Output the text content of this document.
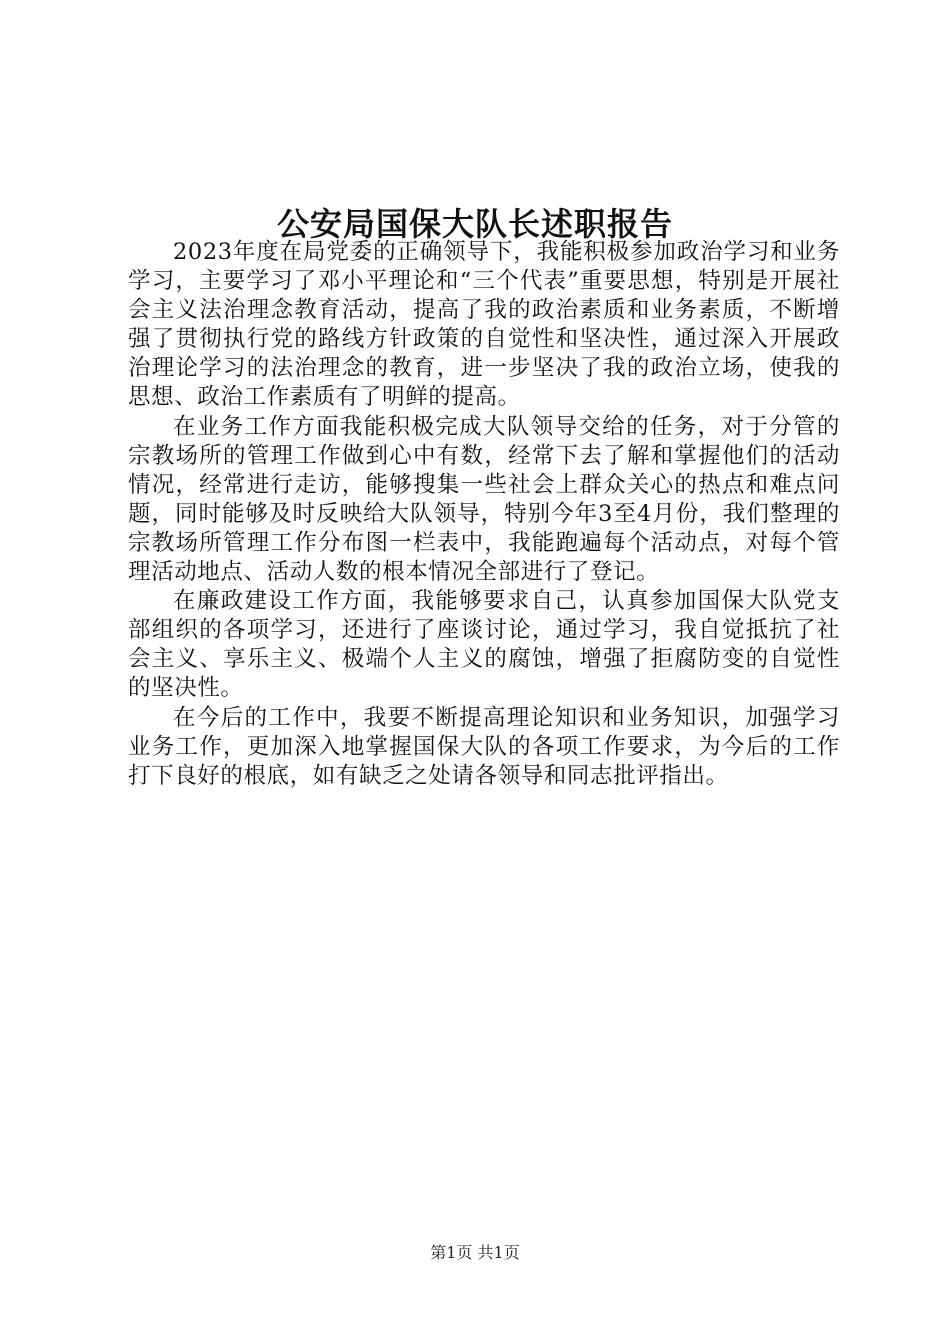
公安局国保大队长述职报告

2023年度在局党委的正确领导下，我能积极参加政治学习和业务学习，主要学习了邓小平理论和“三个代表”重要思想，特别是开展社会主义法治理念教育活动，提高了我的政治素质和业务素质，不断增强了贯彻执行党的路线方针政策的自觉性和坚决性，通过深入开展政治理论学习的法治理念的教育，进一步坚决了我的政治立场，使我的思想、政治工作素质有了明鲜的提高。

在业务工作方面我能积极完成大队领导交给的任务，对于分管的宗教场所的管理工作做到心中有数，经常下去了解和掌握他们的活动情况，经常进行走访，能够搜集一些社会上群众关心的热点和难点问题，同时能够及时反映给大队领导，特别今年3至4月份，我们整理的宗教场所管理工作分布图一栏表中，我能跑遍每个活动点，对每个管理活动地点、活动人数的根本情况全部进行了登记。

在廉政建设工作方面，我能够要求自己，认真参加国保大队党支部组织的各项学习，还进行了座谈讨论，通过学习，我自觉抵抗了社会主义、享乐主义、极端个人主义的腐蚀，增强了拒腐防变的自觉性的坚决性。

在今后的工作中，我要不断提高理论知识和业务知识，加强学习业务工作，更加深入地掌握国保大队的各项工作要求，为今后的工作打下良好的根底，如有缺乏之处请各领导和同志批评指出。

第1页 共1页
